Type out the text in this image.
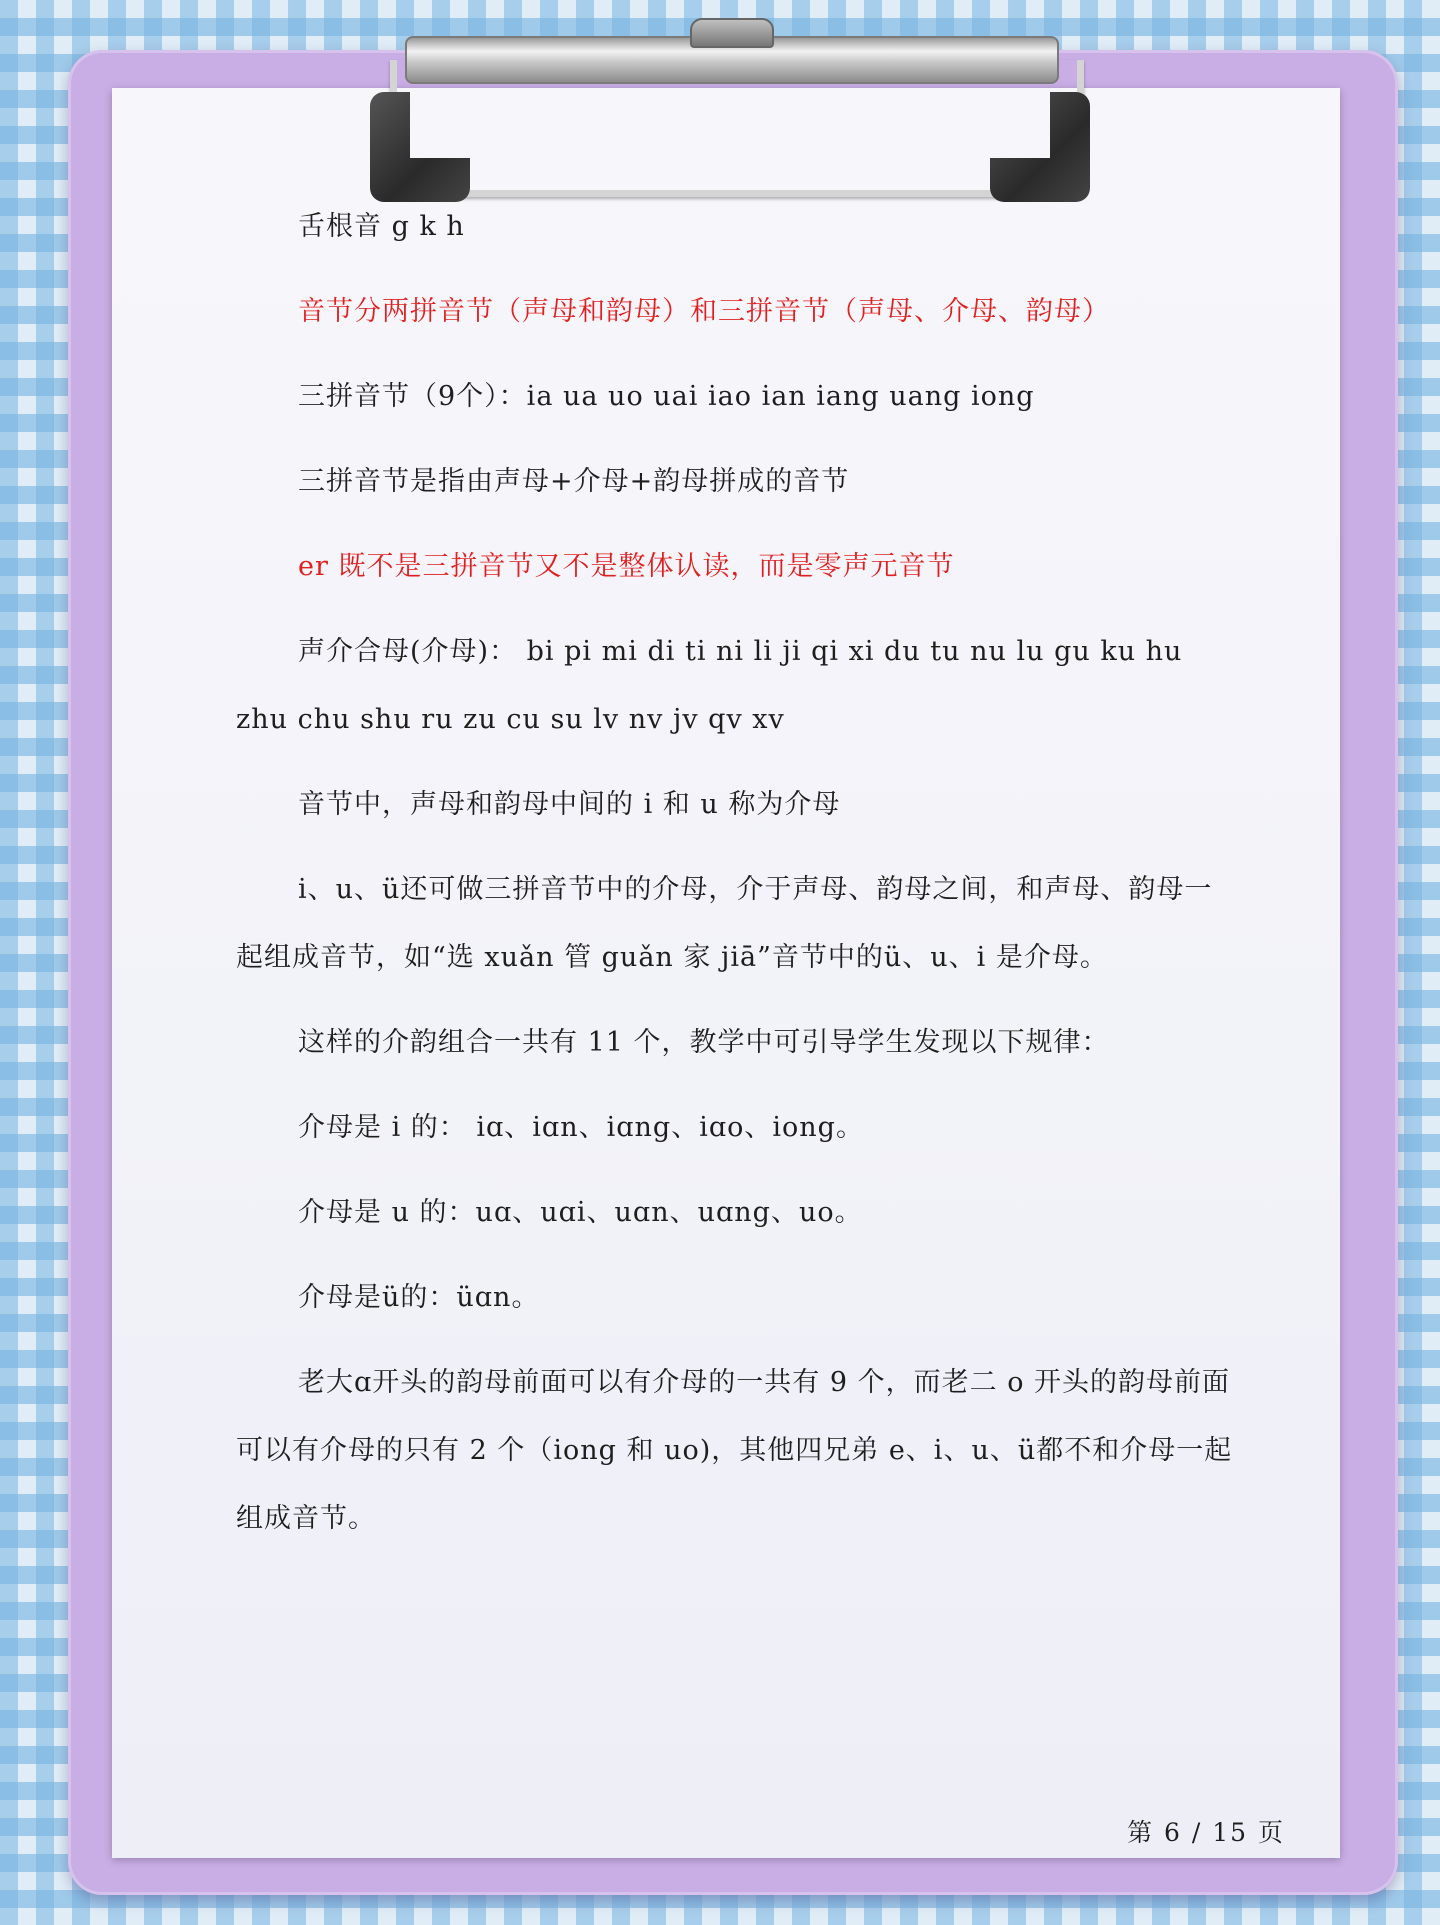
舌根音 g k h
音节分两拼音节（声母和韵母）和三拼音节（声母、介母、韵母）
三拼音节（9个）：ia ua uo uai iao ian iang uang iong
三拼音节是指由声母+介母+韵母拼成的音节
er 既不是三拼音节又不是整体认读，而是零声元音节
声介合母(介母)： bi pi mi di ti ni li ji qi xi du tu nu lu gu ku hu
zhu chu shu ru zu cu su lv nv jv qv xv
音节中，声母和韵母中间的 i 和 u 称为介母
i、u、ü还可做三拼音节中的介母，介于声母、韵母之间，和声母、韵母一
起组成音节，如“选 xuǎn 管 guǎn 家 jiā”音节中的ü、u、i 是介母。
这样的介韵组合一共有 11 个，教学中可引导学生发现以下规律：
介母是 i 的： iɑ、iɑn、iɑng、iɑo、iong。
介母是 u 的：uɑ、uɑi、uɑn、uɑng、uo。
介母是ü的：üɑn。
老大ɑ开头的韵母前面可以有介母的一共有 9 个，而老二 o 开头的韵母前面
可以有介母的只有 2 个（iong 和 uo)，其他四兄弟 e、i、u、ü都不和介母一起
组成音节。
第 6 / 15 页
